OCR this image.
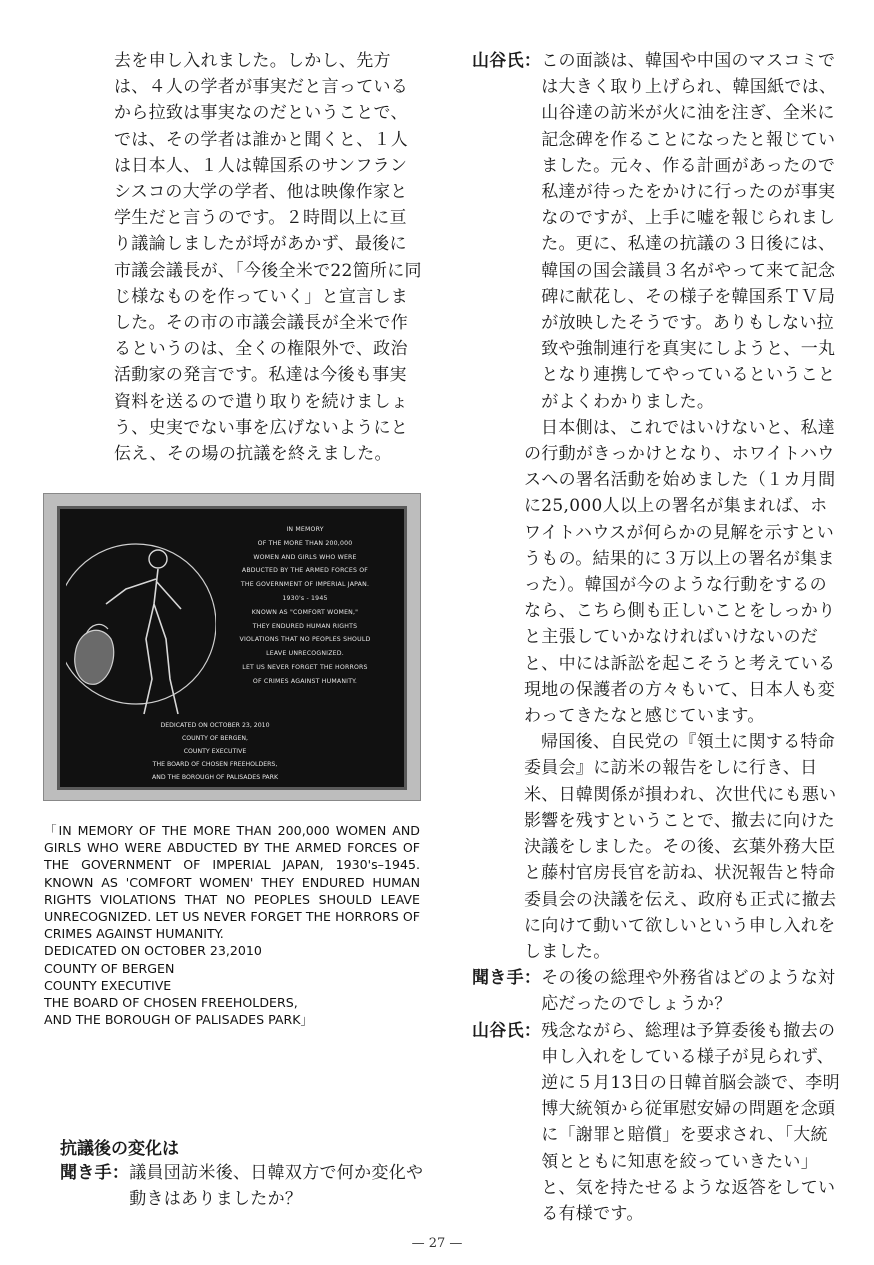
去を申し入れました。しかし、先方は、４人の学者が事実だと言っているから拉致は事実なのだということで、では、その学者は誰かと聞くと、１人は日本人、１人は韓国系のサンフランシスコの大学の学者、他は映像作家と学生だと言うのです。２時間以上に亘り議論しましたが埒があかず、最後に市議会議長が、「今後全米で22箇所に同じ様なものを作っていく」と宣言しました。その市の市議会議長が全米で作るというのは、全くの権限外で、政治活動家の発言です。私達は今後も事実資料を送るので遣り取りを続けましょう、史実でない事を広げないようにと伝え、その場の抗議を終えました。

IN MEMORY
OF THE MORE THAN 200,000
WOMEN AND GIRLS WHO WERE
ABDUCTED BY THE ARMED FORCES OF
THE GOVERNMENT OF IMPERIAL JAPAN.
1930's - 1945
KNOWN AS "COMFORT WOMEN,"
THEY ENDURED HUMAN RIGHTS
VIOLATIONS THAT NO PEOPLES SHOULD
LEAVE UNRECOGNIZED.
LET US NEVER FORGET THE HORRORS
OF CRIMES AGAINST HUMANITY.
DEDICATED ON OCTOBER 23, 2010
COUNTY OF BERGEN,
COUNTY EXECUTIVE
THE BOARD OF CHOSEN FREEHOLDERS,
AND THE BOROUGH OF PALISADES PARK
「IN MEMORY OF THE MORE THAN 200,000 WOMEN AND GIRLS WHO WERE ABDUCTED BY THE ARMED FORCES OF THE GOVERNMENT OF IMPERIAL JAPAN, 1930's–1945. KNOWN AS 'COMFORT WOMEN' THEY ENDURED HUMAN RIGHTS VIOLATIONS THAT NO PEOPLES SHOULD LEAVE UNRECOGNIZED. LET US NEVER FORGET THE HORRORS OF CRIMES AGAINST HUMANITY.
DEDICATED ON OCTOBER 23,2010
COUNTY OF BERGEN
COUNTY EXECUTIVE
THE BOARD OF CHOSEN FREEHOLDERS,
AND THE BOROUGH OF PALISADES PARK」
抗議後の変化は
聞き手： 議員団訪米後、日韓双方で何か変化や動きはありましたか？
山谷氏： この面談は、韓国や中国のマスコミでは大きく取り上げられ、韓国紙では、山谷達の訪米が火に油を注ぎ、全米に記念碑を作ることになったと報じていました。元々、作る計画があったので私達が待ったをかけに行ったのが事実なのですが、上手に嘘を報じられました。更に、私達の抗議の３日後には、韓国の国会議員３名がやって来て記念碑に献花し、その様子を韓国系ＴＶ局が放映したそうです。ありもしない拉致や強制連行を真実にしようと、一丸となり連携してやっているということがよくわかりました。

日本側は、これではいけないと、私達の行動がきっかけとなり、ホワイトハウスへの署名活動を始めました（１カ月間に25,000人以上の署名が集まれば、ホワイトハウスが何らかの見解を示すというもの。結果的に３万以上の署名が集まった）。韓国が今のような行動をするのなら、こちら側も正しいことをしっかりと主張していかなければいけないのだと、中には訴訟を起こそうと考えている現地の保護者の方々もいて、日本人も変わってきたなと感じています。

帰国後、自民党の『領土に関する特命委員会』に訪米の報告をしに行き、日米、日韓関係が損われ、次世代にも悪い影響を残すということで、撤去に向けた決議をしました。その後、玄葉外務大臣と藤村官房長官を訪ね、状況報告と特命委員会の決議を伝え、政府も正式に撤去に向けて動いて欲しいという申し入れをしました。

聞き手： その後の総理や外務省はどのような対応だったのでしょうか？
山谷氏： 残念ながら、総理は予算委後も撤去の申し入れをしている様子が見られず、逆に５月13日の日韓首脳会談で、李明博大統領から従軍慰安婦の問題を念頭に「謝罪と賠償」を要求され、「大統領とともに知恵を絞っていきたい」と、気を持たせるような返答をしている有様です。
— 27 —
